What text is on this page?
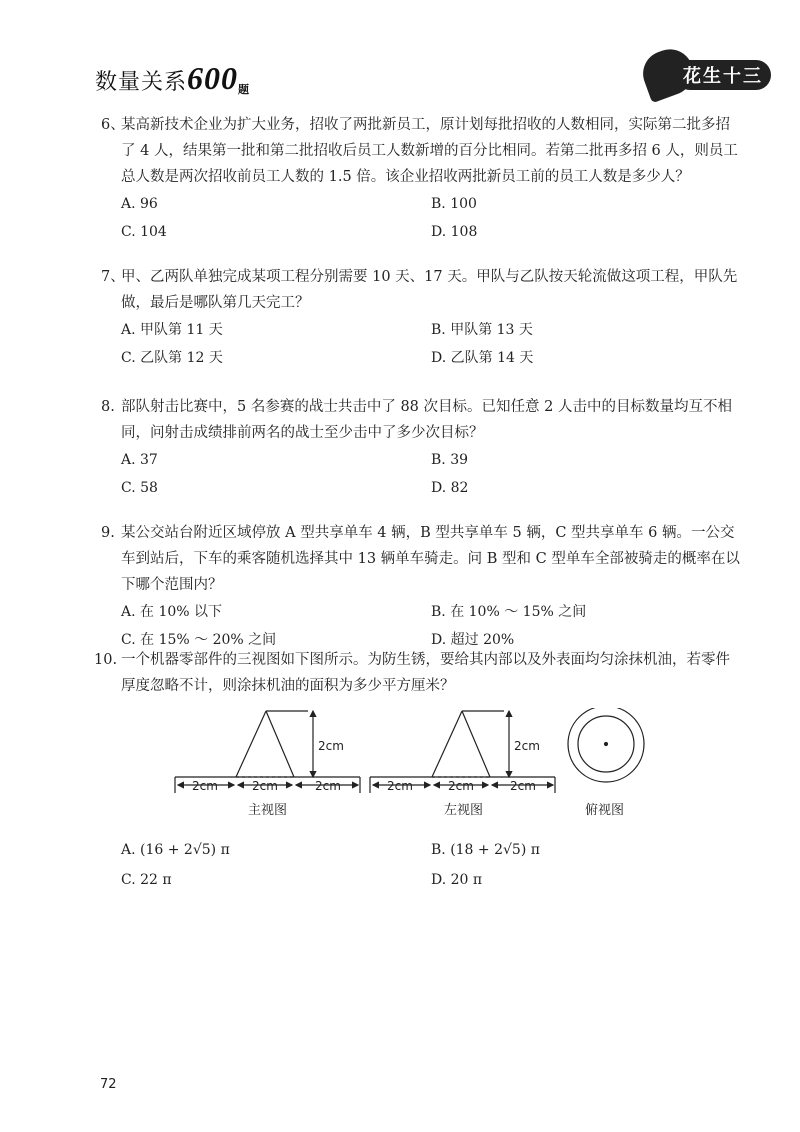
数量关系600题
花生十三
6、某高新技术企业为扩大业务，招收了两批新员工，原计划每批招收的人数相同，实际第二批多招了 4 人，结果第一批和第二批招收后员工人数新增的百分比相同。若第二批再多招 6 人，则员工总人数是两次招收前员工人数的 1.5 倍。该企业招收两批新员工前的员工人数是多少人？
A. 96	B. 100
C. 104	D. 108
7、甲、乙两队单独完成某项工程分别需要 10 天、17 天。甲队与乙队按天轮流做这项工程，甲队先做，最后是哪队第几天完工？
A. 甲队第 11 天	B. 甲队第 13 天
C. 乙队第 12 天	D. 乙队第 14 天
8. 部队射击比赛中，5 名参赛的战士共击中了 88 次目标。已知任意 2 人击中的目标数量均互不相同，问射击成绩排前两名的战士至少击中了多少次目标？
A. 37	B. 39
C. 58	D. 82
9. 某公交站台附近区域停放 A 型共享单车 4 辆，B 型共享单车 5 辆，C 型共享单车 6 辆。一公交车到站后，下车的乘客随机选择其中 13 辆单车骑走。问 B 型和 C 型单车全部被骑走的概率在以下哪个范围内？
A. 在 10% 以下	B. 在 10% ～ 15% 之间
C. 在 15% ～ 20% 之间	D. 超过 20%
10. 一个机器零部件的三视图如下图所示。为防生锈，要给其内部以及外表面均匀涂抹机油，若零件厚度忽略不计，则涂抹机油的面积为多少平方厘米？
2cm
2cm	2cm	2cm
2cm
2cm	2cm	2cm
主视图	左视图	俯视图
A. (16 + 2√5) π	B. (18 + 2√5) π
C. 22 π	D. 20 π
72
